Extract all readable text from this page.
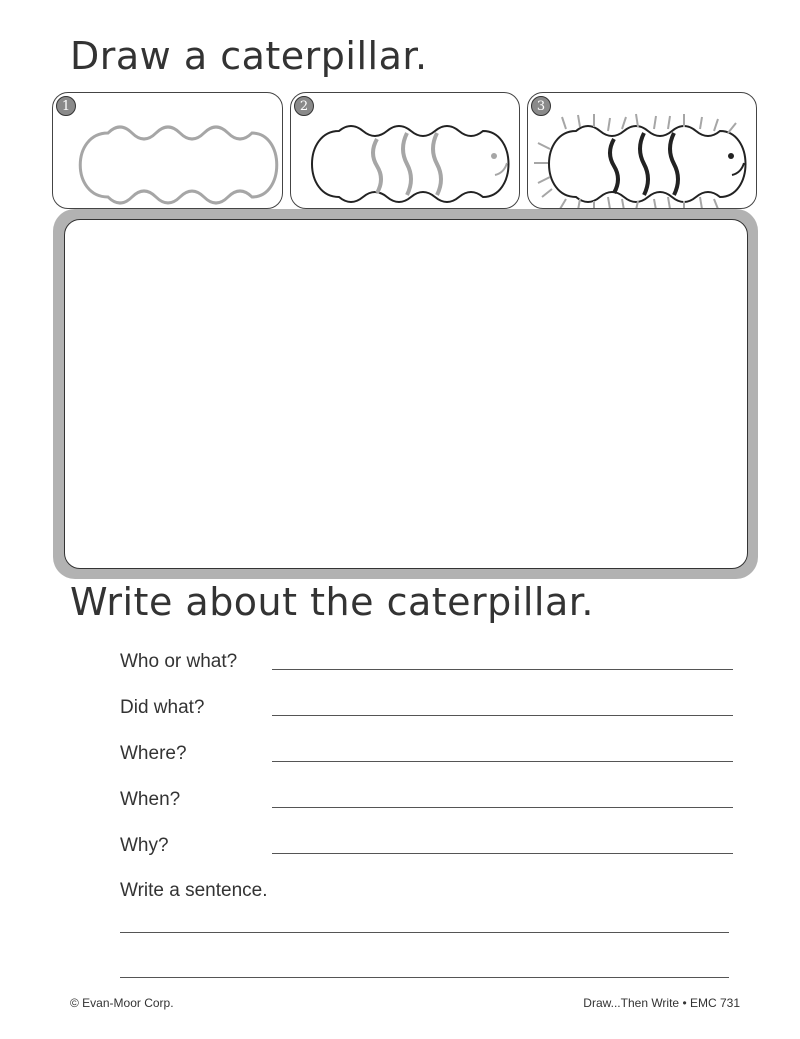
Draw a caterpillar.
1	2	3
Write about the caterpillar.
Who or what?
Did what?
Where?
When?
Why?
Write a sentence.
© Evan-Moor Corp.	Draw...Then Write • EMC 731
